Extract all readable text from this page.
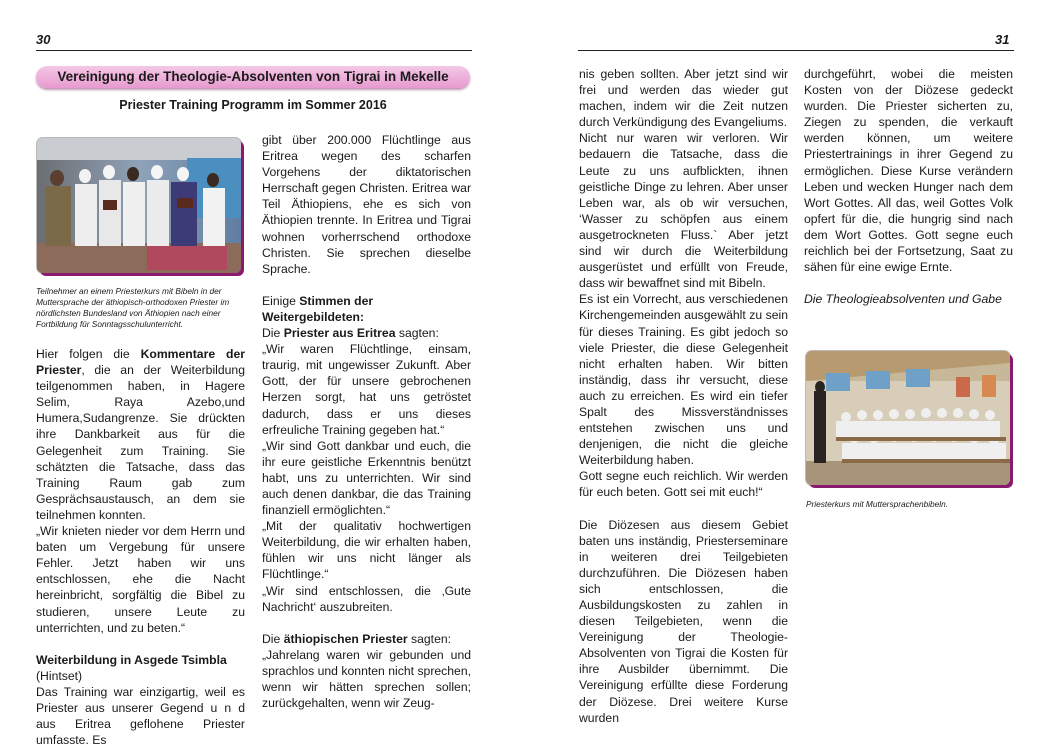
30	31
Vereinigung der Theologie-Absolventen von Tigrai in Mekelle
Priester Training Programm im Sommer 2016
Teilnehmer an einem Priesterkurs mit Bibeln in der
Muttersprache der äthiopisch-orthodoxen Priester im
nördlichsten Bundesland von Äthiopien nach einer
Fortbildung für Sonntagsschulunterricht.

Hier folgen die Kommentare der Priester, die an der Weiterbildung teilgenommen haben, in Hagere Selim, Raya Azebo,und Humera,Sudangrenze. Sie drückten ihre Dankbarkeit aus für die Gelegenheit zum Training. Sie schätzten die Tatsache, dass das Training Raum gab zum Gesprächsaustausch, an dem sie teilnehmen konnten.

„Wir knieten nieder vor dem Herrn und baten um Vergebung für unsere Fehler. Jetzt haben wir uns entschlossen, ehe die Nacht hereinbricht, sorgfältig die Bibel zu studieren, unsere Leute zu unterrichten, und zu beten.“

Weiterbildung in Asgede Tsimbla

(Hintset)

Das Training war einzigartig, weil es Priester aus unserer Gegend u n d aus Eritrea geflohene Priester umfasste. Es

gibt über 200.000 Flüchtlinge aus Eritrea wegen des scharfen Vorgehens der diktatorischen Herrschaft gegen Christen. Eritrea war Teil Äthiopiens, ehe es sich von Äthiopien trennte. In Eritrea und Tigrai wohnen vorherrschend orthodoxe Christen. Sie sprechen dieselbe Sprache.

Einige Stimmen der Weitergebildeten:

Die Priester aus Eritrea sagten:

„Wir waren Flüchtlinge, einsam, traurig, mit ungewisser Zukunft. Aber Gott, der für unsere gebrochenen Herzen sorgt, hat uns getröstet dadurch, dass er uns dieses erfreuliche Training gegeben hat.“

„Wir sind Gott dankbar und euch, die ihr eure geistliche Erkenntnis benützt habt, uns zu unterrichten. Wir sind auch denen dankbar, die das Training finanziell ermöglichten.“

„Mit der qualitativ hochwertigen Weiterbildung, die wir erhalten haben, fühlen wir uns nicht länger als Flüchtlinge.“

„Wir sind entschlossen, die ‚Gute Nachricht‘ auszubreiten.

Die äthiopischen Priester sagten:

„Jahrelang waren wir gebunden und sprachlos und konnten nicht sprechen, wenn wir hätten sprechen sollen; zurückgehalten, wenn wir Zeug-

nis geben sollten. Aber jetzt sind wir frei und werden das wieder gut machen, indem wir die Zeit nutzen durch Verkündigung des Evangeliums.

Nicht nur waren wir verloren. Wir bedauern die Tatsache, dass die Leute zu uns aufblickten, ihnen geistliche Dinge zu lehren. Aber unser Leben war, als ob wir versuchen, ‘Wasser zu schöpfen aus einem ausgetrockneten Fluss.` Aber jetzt sind wir durch die Weiterbildung ausgerüstet und erfüllt von Freude, dass wir bewaffnet sind mit Bibeln.

Es ist ein Vorrecht, aus verschiedenen Kirchengemeinden ausgewählt zu sein für dieses Training. Es gibt jedoch so viele Priester, die diese Gelegenheit nicht erhalten haben. Wir bitten inständig, dass ihr versucht, diese auch zu erreichen. Es wird ein tiefer Spalt des Missverständnisses entstehen zwischen uns und denjenigen, die nicht die gleiche Weiterbildung haben.

Gott segne euch reichlich. Wir werden für euch beten. Gott sei mit euch!“

Die Diözesen aus diesem Gebiet baten uns inständig, Priesterseminare in weiteren drei Teilgebieten durchzuführen. Die Diözesen haben sich entschlossen, die Ausbildungskosten zu zahlen in diesen Teilgebieten, wenn die Vereinigung der Theologie-Absolventen von Tigrai die Kosten für ihre Ausbilder übernimmt. Die Vereinigung erfüllte diese Forderung der Diözese. Drei weitere Kurse wurden

durchgeführt, wobei die meisten Kosten von der Diözese gedeckt wurden. Die Priester sicherten zu, Ziegen zu spenden, die verkauft werden können, um weitere Priestertrainings in ihrer Gegend zu ermöglichen. Diese Kurse verändern Leben und wecken Hunger nach dem Wort Gottes. All das, weil Gottes Volk opfert für die, die hungrig sind nach dem Wort Gottes. Gott segne euch reichlich bei der Fortsetzung, Saat zu sähen für eine ewige Ernte.

Die Theologieabsolventen und Gabe

Priesterkurs mit Muttersprachenbibeln.
